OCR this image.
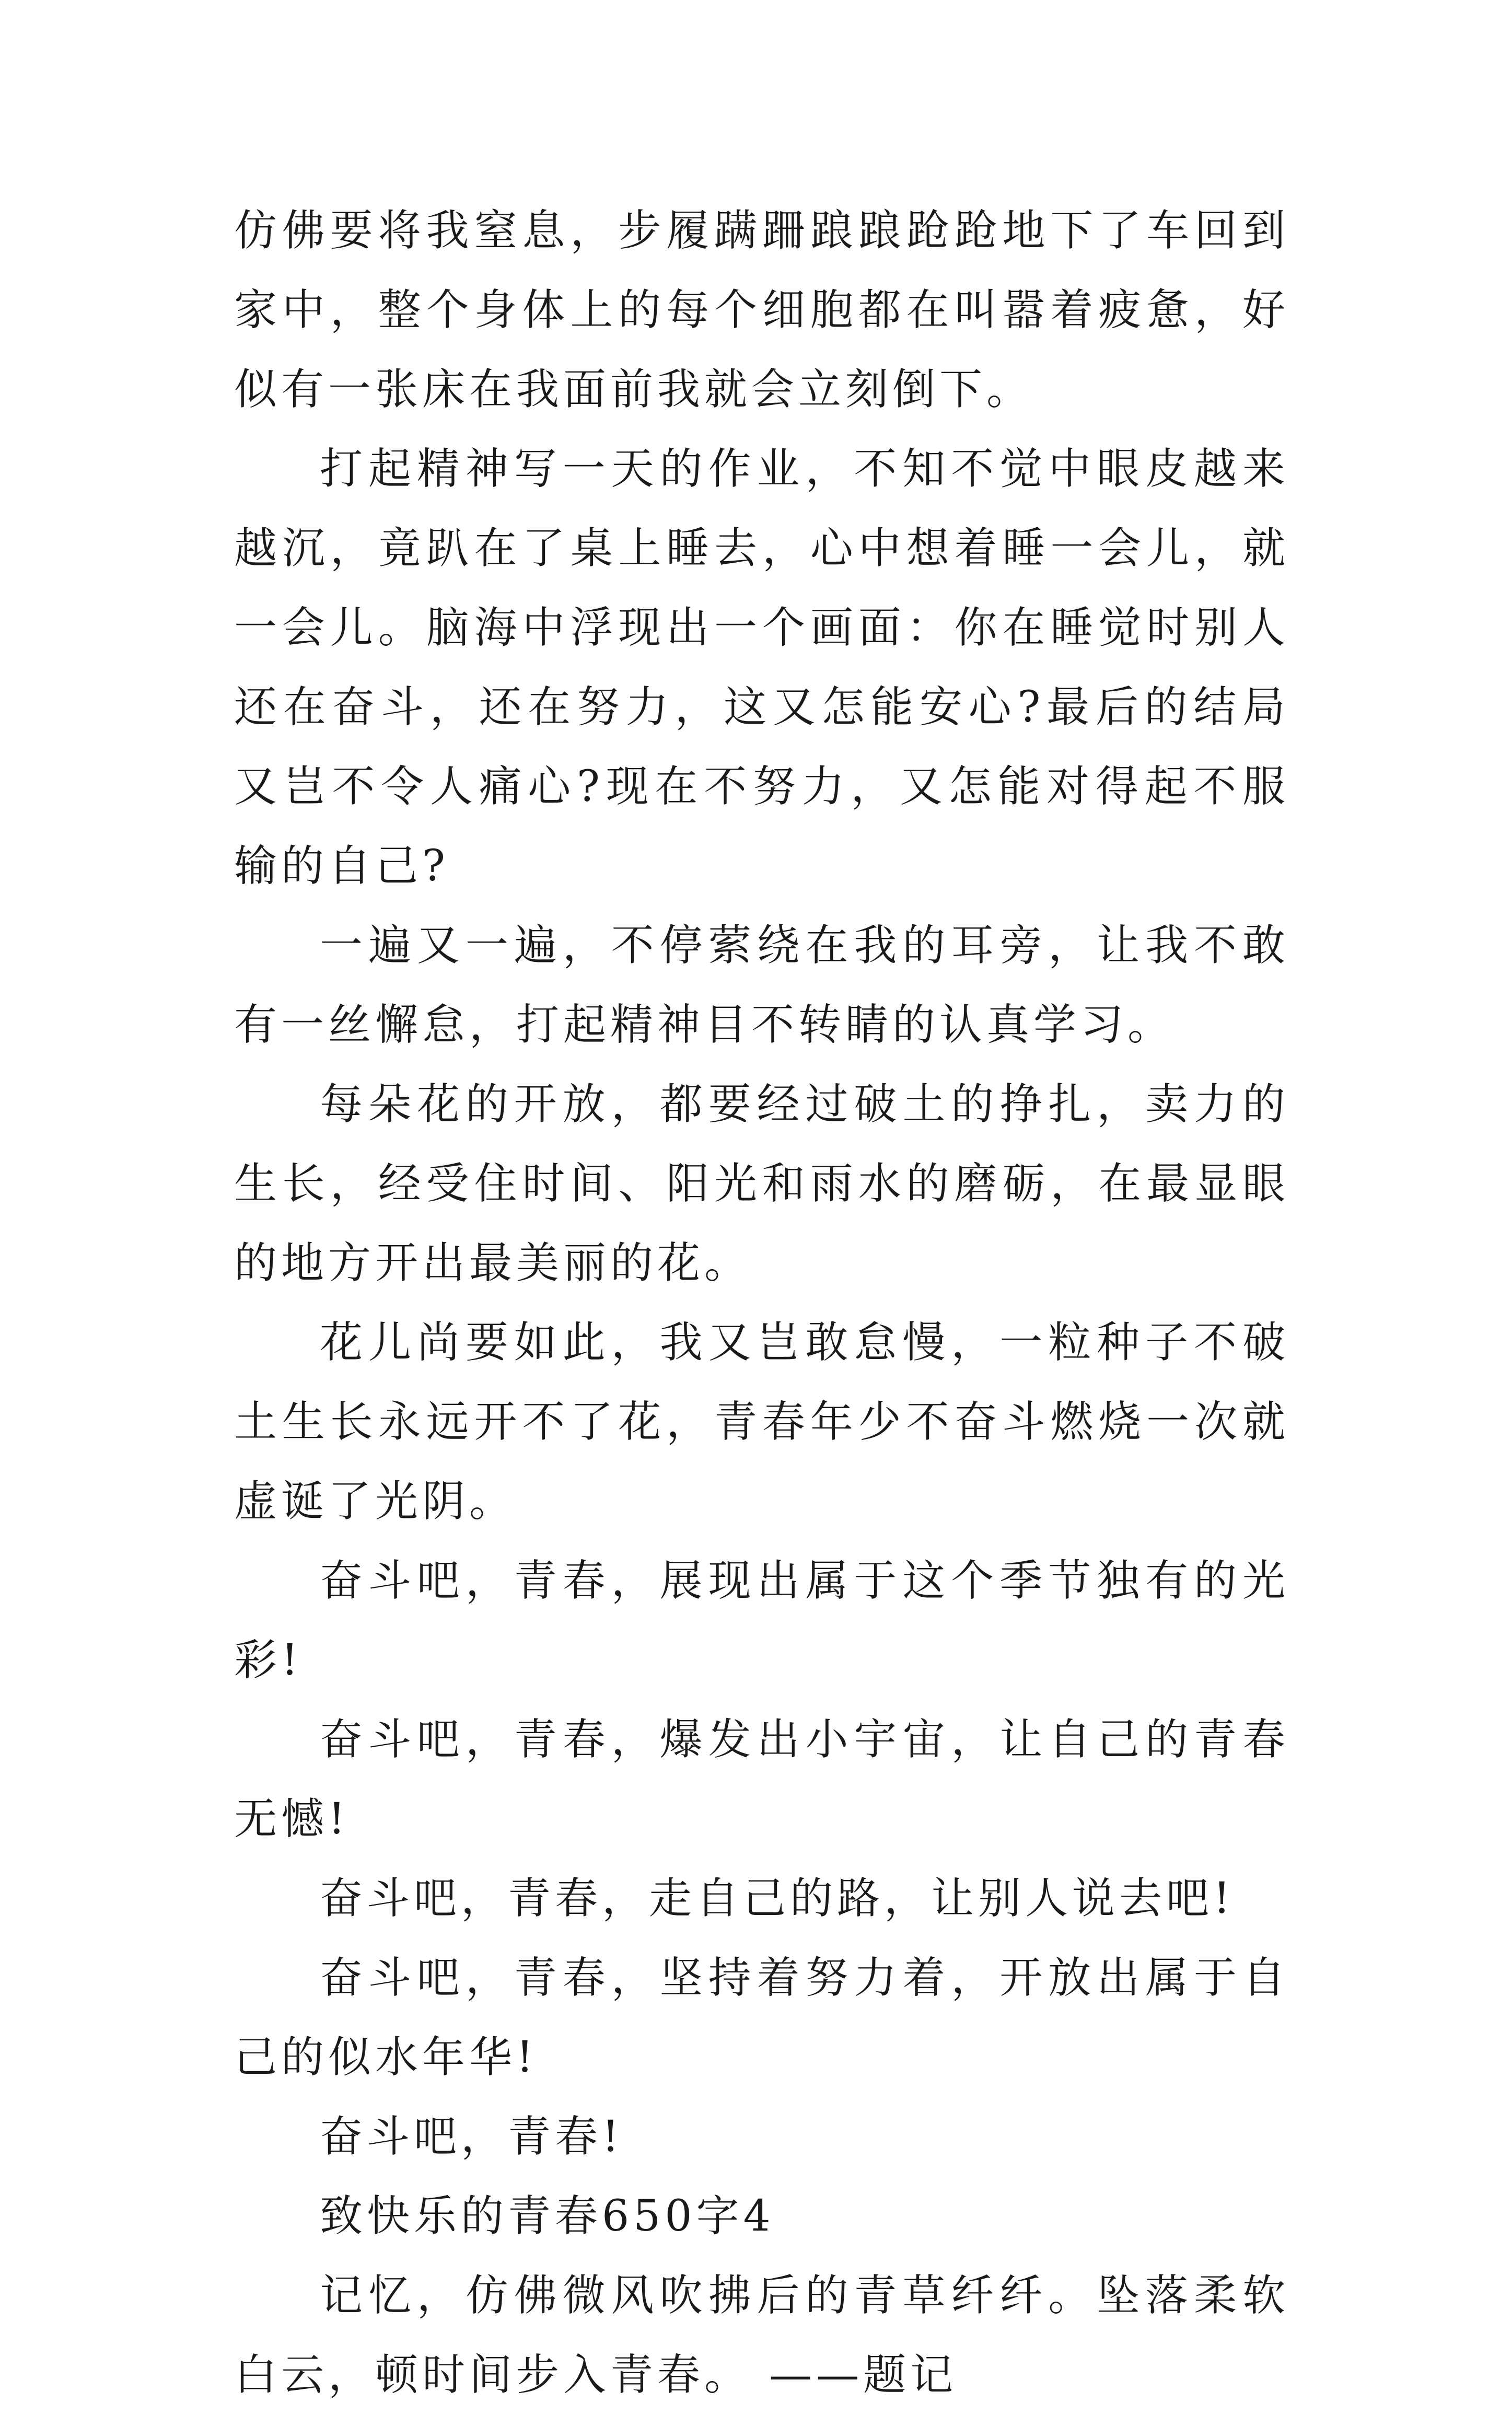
仿佛要将我窒息，步履蹒跚踉踉跄跄地下了车回到家中，整个身体上的每个细胞都在叫嚣着疲惫，好似有一张床在我面前我就会立刻倒下。

打起精神写一天的作业，不知不觉中眼皮越来越沉，竟趴在了桌上睡去，心中想着睡一会儿，就一会儿。脑海中浮现出一个画面：你在睡觉时别人还在奋斗，还在努力，这又怎能安心?最后的结局又岂不令人痛心?现在不努力，又怎能对得起不服输的自己?

一遍又一遍，不停萦绕在我的耳旁，让我不敢有一丝懈怠，打起精神目不转睛的认真学习。

每朵花的开放，都要经过破土的挣扎，卖力的生长，经受住时间、阳光和雨水的磨砺，在最显眼的地方开出最美丽的花。

花儿尚要如此，我又岂敢怠慢，一粒种子不破土生长永远开不了花，青春年少不奋斗燃烧一次就虚诞了光阴。

奋斗吧，青春，展现出属于这个季节独有的光彩!

奋斗吧，青春，爆发出小宇宙，让自己的青春无憾!

奋斗吧，青春，走自己的路，让别人说去吧!

奋斗吧，青春，坚持着努力着，开放出属于自己的似水年华!

奋斗吧，青春!

致快乐的青春650字4

记忆，仿佛微风吹拂后的青草纤纤。坠落柔软白云，顿时间步入青春。 ——题记
